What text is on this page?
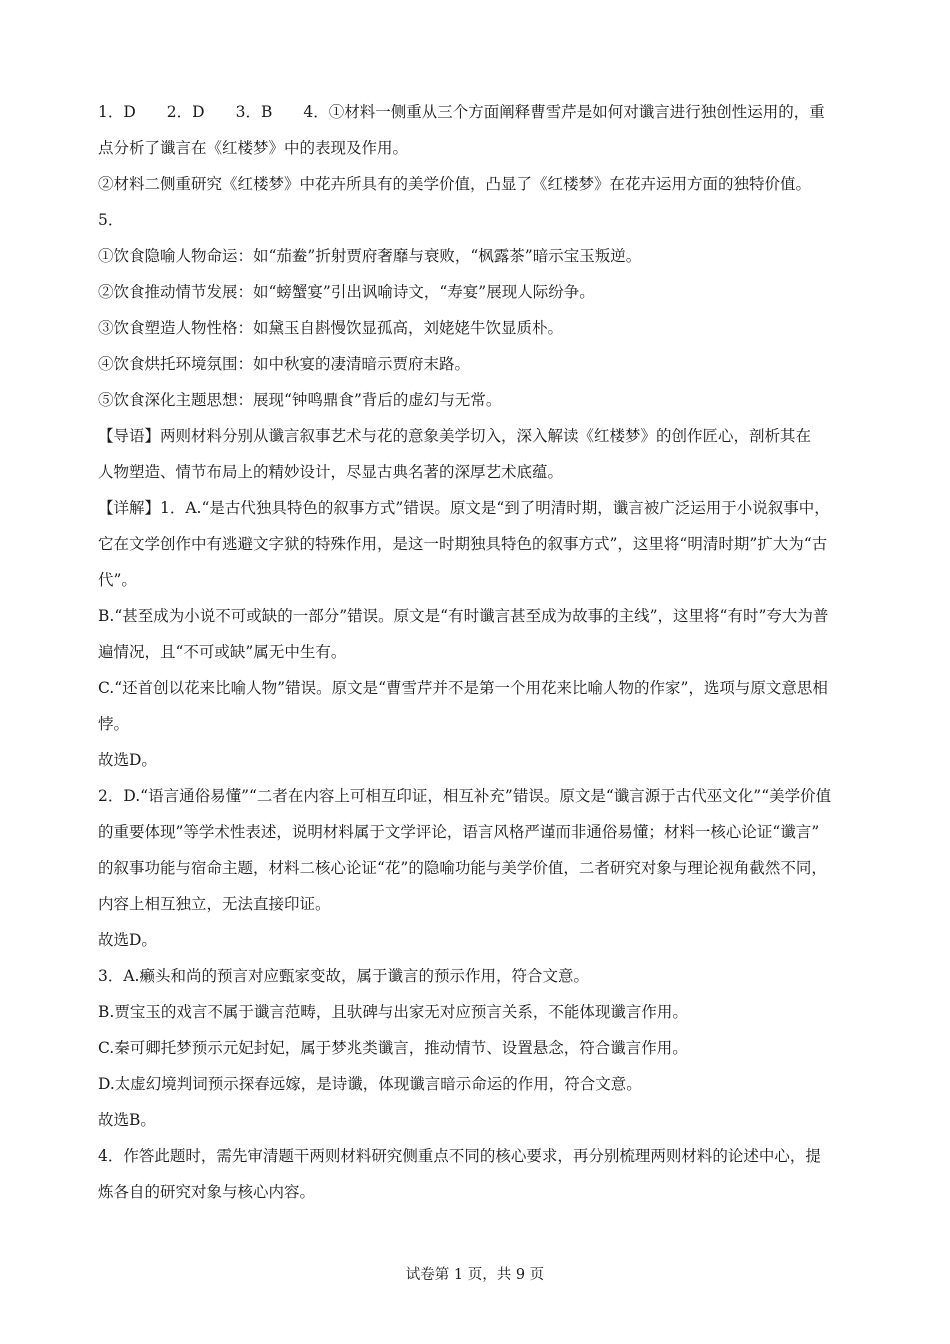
1．D　　2．D　　3．B　　4．①材料一侧重从三个方面阐释曹雪芹是如何对谶言进行独创性运用的，重
点分析了谶言在《红楼梦》中的表现及作用。
②材料二侧重研究《红楼梦》中花卉所具有的美学价值，凸显了《红楼梦》在花卉运用方面的独特价值。
5．
①饮食隐喻人物命运：如“茄鲞”折射贾府奢靡与衰败，“枫露茶”暗示宝玉叛逆。
②饮食推动情节发展：如“螃蟹宴”引出讽喻诗文，“寿宴”展现人际纷争。
③饮食塑造人物性格：如黛玉自斟慢饮显孤高，刘姥姥牛饮显质朴。
④饮食烘托环境氛围：如中秋宴的凄清暗示贾府末路。
⑤饮食深化主题思想：展现“钟鸣鼎食”背后的虚幻与无常。
【导语】两则材料分别从谶言叙事艺术与花的意象美学切入，深入解读《红楼梦》的创作匠心，剖析其在
人物塑造、情节布局上的精妙设计，尽显古典名著的深厚艺术底蕴。
【详解】1．A.“是古代独具特色的叙事方式”错误。原文是“到了明清时期，谶言被广泛运用于小说叙事中，
它在文学创作中有逃避文字狱的特殊作用，是这一时期独具特色的叙事方式”，这里将“明清时期”扩大为“古
代”。
B.“甚至成为小说不可或缺的一部分”错误。原文是“有时谶言甚至成为故事的主线”，这里将“有时”夸大为普
遍情况，且“不可或缺”属无中生有。
C.“还首创以花来比喻人物”错误。原文是“曹雪芹并不是第一个用花来比喻人物的作家”，选项与原文意思相
悖。
故选D。
2．D.“语言通俗易懂”“二者在内容上可相互印证，相互补充”错误。原文是“谶言源于古代巫文化”“美学价值
的重要体现”等学术性表述，说明材料属于文学评论，语言风格严谨而非通俗易懂；材料一核心论证“谶言”
的叙事功能与宿命主题，材料二核心论证“花”的隐喻功能与美学价值，二者研究对象与理论视角截然不同，
内容上相互独立，无法直接印证。
故选D。
3．A.癞头和尚的预言对应甄家变故，属于谶言的预示作用，符合文意。
B.贾宝玉的戏言不属于谶言范畴，且驮碑与出家无对应预言关系，不能体现谶言作用。
C.秦可卿托梦预示元妃封妃，属于梦兆类谶言，推动情节、设置悬念，符合谶言作用。
D.太虚幻境判词预示探春远嫁，是诗谶，体现谶言暗示命运的作用，符合文意。
故选B。
4．作答此题时，需先审清题干两则材料研究侧重点不同的核心要求，再分别梳理两则材料的论述中心，提
炼各自的研究对象与核心内容。
试卷第 1 页，共 9 页
